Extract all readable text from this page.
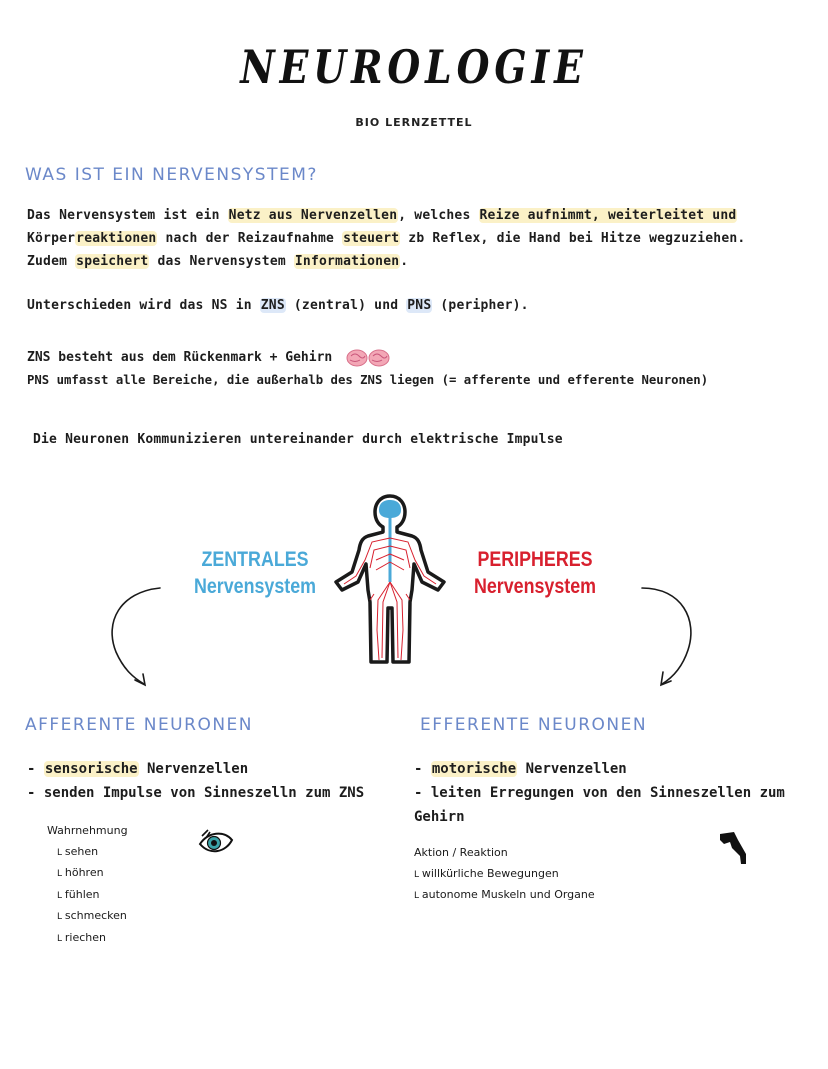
NEUROLOGIE
BIO LERNZETTEL
WAS IST EIN NERVENSYSTEM?
Das Nervensystem ist ein Netz aus Nervenzellen, welches Reize aufnimmt, weiterleitet und
Körperreaktionen nach der Reizaufnahme steuert zb Reflex, die Hand bei Hitze wegzuziehen.
Zudem speichert das Nervensystem Informationen.
Unterschieden wird das NS in ZNS (zentral) und PNS (peripher).
ZNS besteht aus dem Rückenmark + Gehirn
PNS umfasst alle Bereiche, die außerhalb des ZNS liegen (= afferente und efferente Neuronen)
Die Neuronen Kommunizieren untereinander durch elektrische Impulse
ZENTRALES
Nervensystem
PERIPHERES
Nervensystem
AFFERENTE NEURONEN
- sensorische Nervenzellen
- senden Impulse von Sinneszelln zum ZNS
Wahrnehmung
ᒪ sehen
ᒪ höhren
ᒪ fühlen
ᒪ schmecken
ᒪ riechen
EFFERENTE NEURONEN
- motorische Nervenzellen
- leiten Erregungen von den Sinneszellen zum
Gehirn
Aktion / Reaktion
ᒪ willkürliche Bewegungen
ᒪ autonome Muskeln und Organe
